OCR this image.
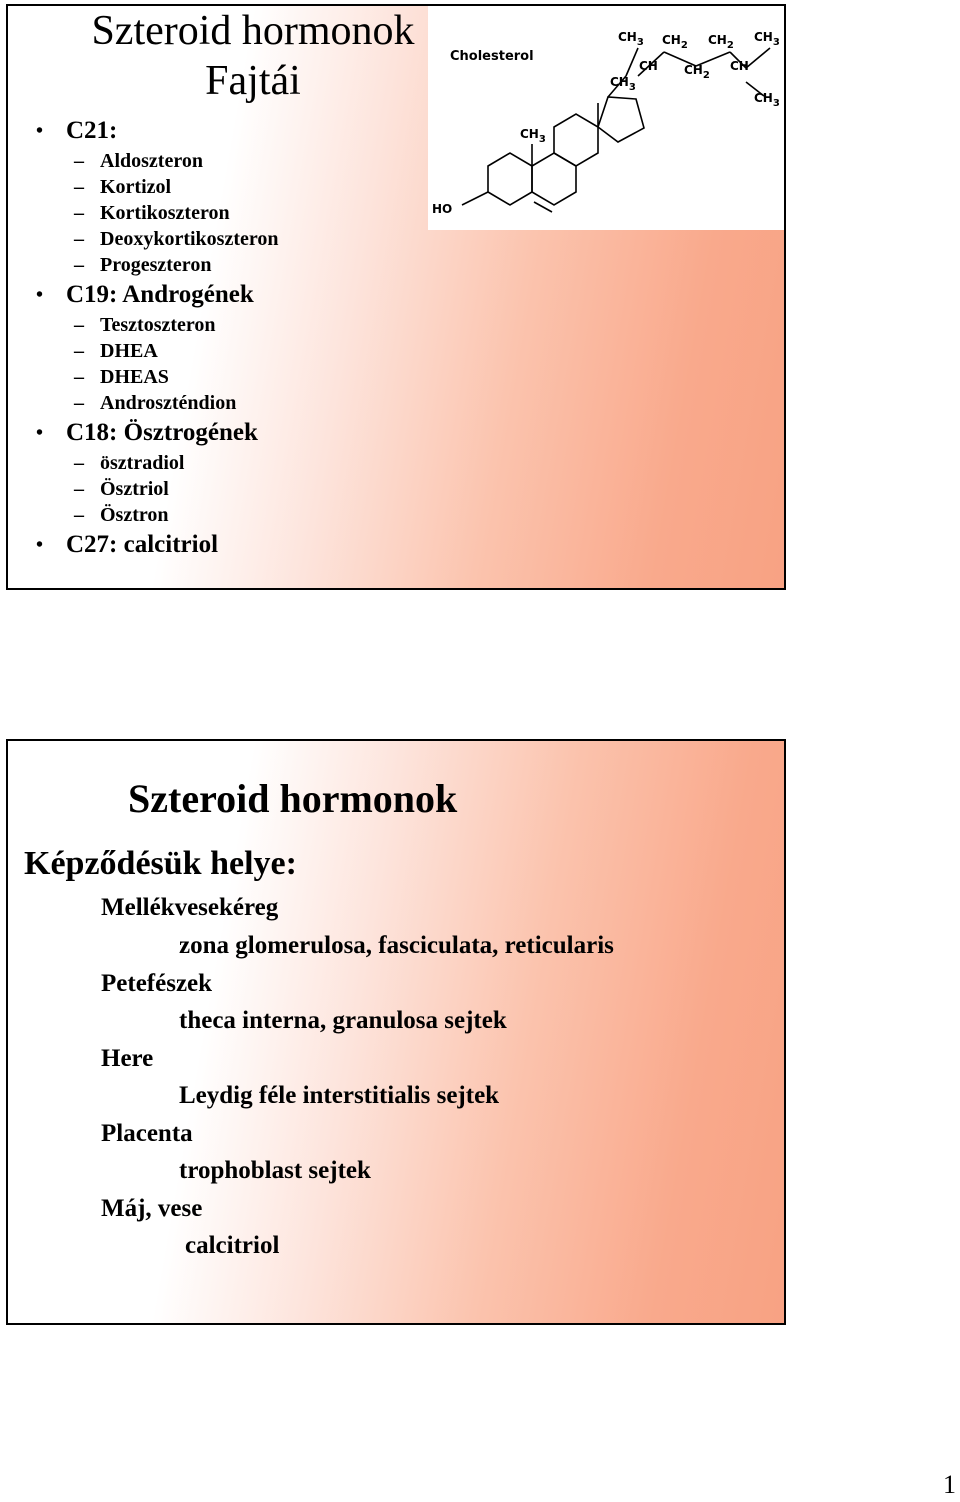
Szteroid hormonok
Fajtái
• C21:
– Aldoszteron
– Kortizol
– Kortikoszteron
– Deoxykortikoszteron
– Progeszteron
• C19: Androgének
– Tesztoszteron
– DHEA
– DHEAS
– Androszténdion
• C18: Ösztrogének
– ösztradiol
– Ösztriol
– Ösztron
• C27: calcitriol
Cholesterol
HO
$CH_3$
$CH_3$
$CH_3$
CH
$CH_2$
$CH_2$
$CH_2$
CH
$CH_3$
$CH_3$
Szteroid hormonok
Képződésük helye:
Mellékvesekéreg
zona glomerulosa, fasciculata, reticularis
Petefészek
theca interna, granulosa sejtek
Here
Leydig féle interstitialis sejtek
Placenta
trophoblast sejtek
Máj, vese
calcitriol
1
